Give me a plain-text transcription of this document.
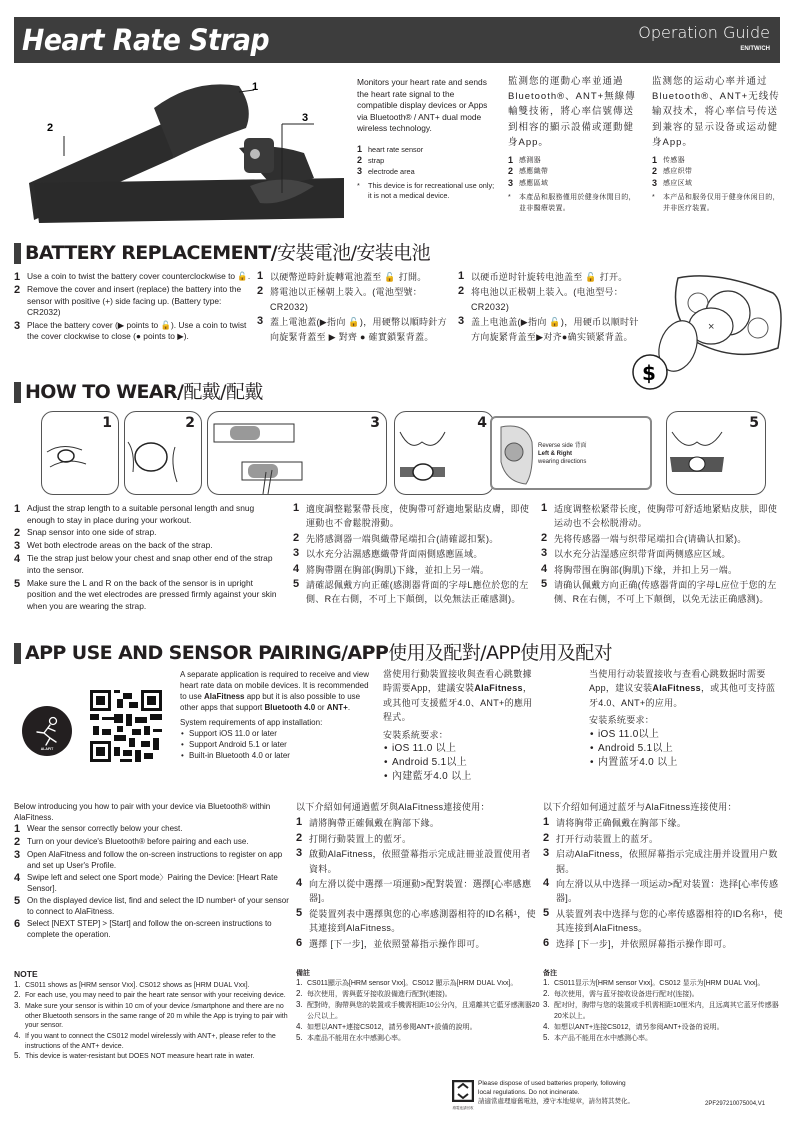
Heart Rate Strap	Operation Guide
EN/TW/CH
1
2
3
Monitors your heart rate and sends the heart rate signal to the compatible display devices or Apps via Bluetooth® / ANT+ dual mode wireless technology.
1 heart rate sensor
2 strap
3 electrode area
*	This device is for recreational use only; it is not a medical device.
監測您的運動心率並通過Bluetooth®、ANT+無線傳輸雙技術，將心率信號傳送到相容的顯示設備或運動健身App。
1 感測器
2 感應織帶
3 感應區域
*	本產品和服務僅用於健身休閒目的，並非醫療裝置。
监测您的运动心率并通过Bluetooth®、ANT+无线传输双技术，将心率信号传送到兼容的显示设备或运动健身App。
1 传感器
2 感应织带
3 感应区域
*	本产品和服务仅用于健身休闲目的，并非医疗装置。
BATTERY REPLACEMENT/ 安裝電池/安装电池
1 Use a coin to twist the battery cover counterclockwise to 🔓.
2 Remove the cover and insert (replace) the battery into the sensor with positive (+) side facing up. (Battery type: CR2032)
3 Place the battery cover (▶ points to 🔓). Use a coin to twist the cover clockwise to close (● points to ▶).
1 以硬幣逆時針旋轉電池蓋至 🔓 打開。
2 將電池以正極朝上裝入。(電池型號：CR2032)
3 蓋上電池蓋(▶指向 🔓)，用硬幣以順時針方向旋緊背蓋至 ▶ 對齊 ● 確實鎖緊背蓋。
1 以硬币逆时针旋转电池盖至 🔓 打开。
2 将电池以正极朝上装入。(电池型号：CR2032)
3 盖上电池盖(▶指向 🔓)，用硬币以顺时针方向旋紧背盖至▶对齐●确实锁紧背盖。
×
$
HOW TO WEAR/ 配戴/配戴
1	2	3	4
Reverse side 背面
Left & Right
wearing directions
5
1 Adjust the strap length to a suitable personal length and snug enough to stay in place during your workout.
2 Snap sensor into one side of strap.
3 Wet both electrode areas on the back of the strap.
4 Tie the strap just below your chest and snap other end of the strap into the sensor.
5 Make sure the L and R on the back of the sensor is in upright position and the wet electrodes are pressed firmly against your skin when you are wearing the strap.
1 適度調整鬆緊帶長度，使胸帶可舒適地緊貼皮膚，即使運動也不會鬆脫滑動。
2 先將感測器一端與織帶尾端扣合(請確認扣緊)。
3 以水充分沾濕感應織帶背面兩側感應區域。
4 將胸帶圍在胸部(胸肌)下緣，並扣上另一端。
5 請確認佩戴方向正確(感測器背面的字母L應位於您的左側、R在右側，不可上下顛倒，以免無法正確感測)。
1 适度调整松紧带长度，使胸带可舒适地紧贴皮肤，即使运动也不会松脱滑动。
2 先将传感器一端与织带尾端扣合(请确认扣紧)。
3 以水充分沾湿感应织带背面两侧感应区域。
4 将胸带围在胸部(胸肌)下缘，并扣上另一端。
5 请确认佩戴方向正确(传感器背面的字母L应位于您的左侧、R在右侧，不可上下颠倒，以免无法正确感测)。
APP USE AND SENSOR PAIRING/APP 使用及配對/APP使用及配对
ALAFIT
A separate application is required to receive and view heart rate data on mobile devices. It is recommended to use AlaFitness app but it is also possible to use other apps that support Bluetooth 4.0 or ANT+.
System requirements of app installation:
• Support iOS 11.0 or later
• Support Android 5.1 or later
• Built-in Bluetooth 4.0 or later
當使用行動裝置接收與查看心跳數據時需要App，建議安裝AlaFitness，或其他可支援藍牙4.0、ANT+的應用程式。
安裝系統要求：
• iOS 11.0 以上
• Android 5.1以上
• 內建藍牙4.0 以上
当使用行动装置接收与查看心跳数据时需要App，建议安装AlaFitness，或其他可支持蓝牙4.0、ANT+的应用。
安装系统要求：
• iOS 11.0以上
• Android 5.1以上
• 内置蓝牙4.0 以上
Below introducing you how to pair with your device via Bluetooth® within AlaFitness.
1 Wear the sensor correctly below your chest.
2 Turn on your device's Bluetooth® before pairing and each use.
3 Open AlaFitness and follow the on-screen instructions to register on app and set up User's Profile.
4 Swipe left and select one Sport mode〉Pairing the Device: [Heart Rate Sensor].
5 On the displayed device list, find and select the ID number¹ of your sensor to connect to AlaFitness.
6 Select [NEXT STEP] > [Start] and follow the on-screen instructions to complete the operation.
NOTE
1. CS011 shows as [HRM sensor Vxx]. CS012 shows as [HRM DUAL Vxx].
2. For each use, you may need to pair the heart rate sensor with your receiving device.
3. Make sure your sensor is within 10 cm of your device /smartphone and there are no other Bluetooth sensors in the same range of 20 m while the App is trying to pair with your sensor.
4. If you want to connect the CS012 model wirelessly with ANT+, please refer to the instructions of the ANT+ device.
5. This device is water-resistant but DOES NOT measure heart rate in water.
以下介紹如何通過藍牙與AlaFitness連接使用：
1 請將胸帶正確佩戴在胸部下緣。
2 打開行動裝置上的藍牙。
3 啟動AlaFitness，依照螢幕指示完成註冊並設置使用者資料。
4 向左滑以從中選擇一項運動>配對裝置：選擇[心率感應器]。
5 從裝置列表中選擇與您的心率感測器相符的ID名稱¹，使其連接到AlaFitness。
6 選擇 [下一步]，並依照螢幕指示操作即可。
備註
1. CS011顯示為[HRM sensor Vxx]。CS012 顯示為[HRM DUAL Vxx]。
2. 每次使用，需與藍牙接收設備進行配對(連接)。
3. 配對時，胸帶與您的裝置或手機需相距10公分內，且遠離其它藍牙感測器20公尺以上。
4. 如想以ANT+連接CS012，請另參閱ANT+設備的說明。
5. 本產品不能用在水中感測心率。
以下介绍如何通过蓝牙与AlaFitness连接使用：
1 请将胸带正确佩戴在胸部下缘。
2 打开行动装置上的蓝牙。
3 启动AlaFitness，依照屏幕指示完成注册并设置用户数据。
4 向左滑以从中选择一项运动>配对装置：选择[心率传感器]。
5 从装置列表中选择与您的心率传感器相符的ID名称¹，使其连接到AlaFitness。
6 选择 [下一步]，并依照屏幕指示操作即可。
备注
1. CS011显示为[HRM sensor Vxx]。CS012 显示为[HRM DUAL Vxx]。
2. 每次使用，需与蓝牙接收设备进行配对(连接)。
3. 配对时，胸带与您的装置或手机需相距10厘米内，且远离其它蓝牙传感器20米以上。
4. 如想以ANT+连接CS012，请另参阅ANT+设备的说明。
5. 本产品不能用在水中感测心率。
廢電池請回收
Please dispose of used batteries properly, following
local regulations. Do not incinerate.
請適當處理廢舊電池，遵守本地規章，請勿將其焚化。	2PF297210075004,V1
